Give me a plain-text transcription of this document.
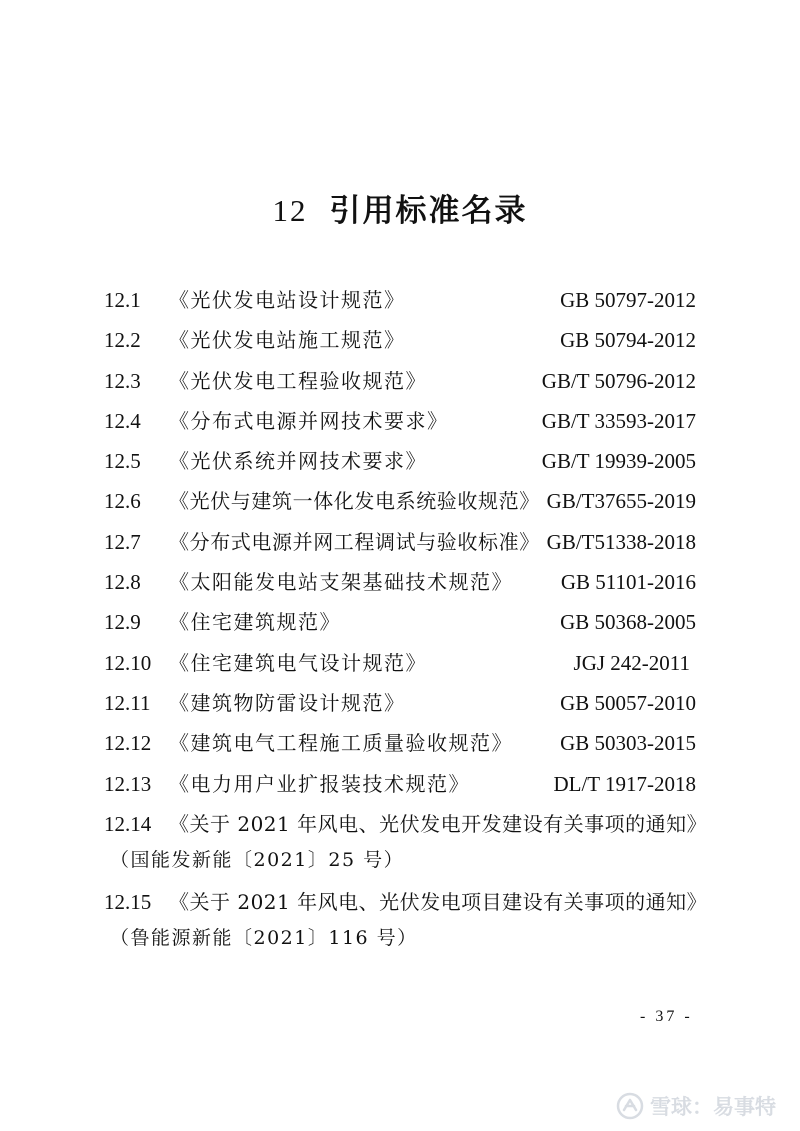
12 引用标准名录
12.1 《光伏发电站设计规范》	GB 50797-2012
12.2 《光伏发电站施工规范》	GB 50794-2012
12.3 《光伏发电工程验收规范》	GB/T 50796-2012
12.4 《分布式电源并网技术要求》	GB/T 33593-2017
12.5 《光伏系统并网技术要求》	GB/T 19939-2005
12.6 《光伏与建筑一体化发电系统验收规范》 GB/T37655-2019
12.7 《分布式电源并网工程调试与验收标准》 GB/T51338-2018
12.8 《太阳能发电站支架基础技术规范》 GB 51101-2016
12.9 《住宅建筑规范》	GB 50368-2005
12.10 《住宅建筑电气设计规范》	JGJ 242-2011
12.11 《建筑物防雷设计规范》	GB 50057-2010
12.12 《建筑电气工程施工质量验收规范》 GB 50303-2015
12.13 《电力用户业扩报装技术规范》	DL/T 1917-2018
12.14 《关于 2021 年风电、光伏发电开发建设有关事项的通知》
（国能发新能〔2021〕25 号）
12.15 《关于 2021 年风电、光伏发电项目建设有关事项的通知》
（鲁能源新能〔2021〕116 号）
- 37 -
雪球：易事特
